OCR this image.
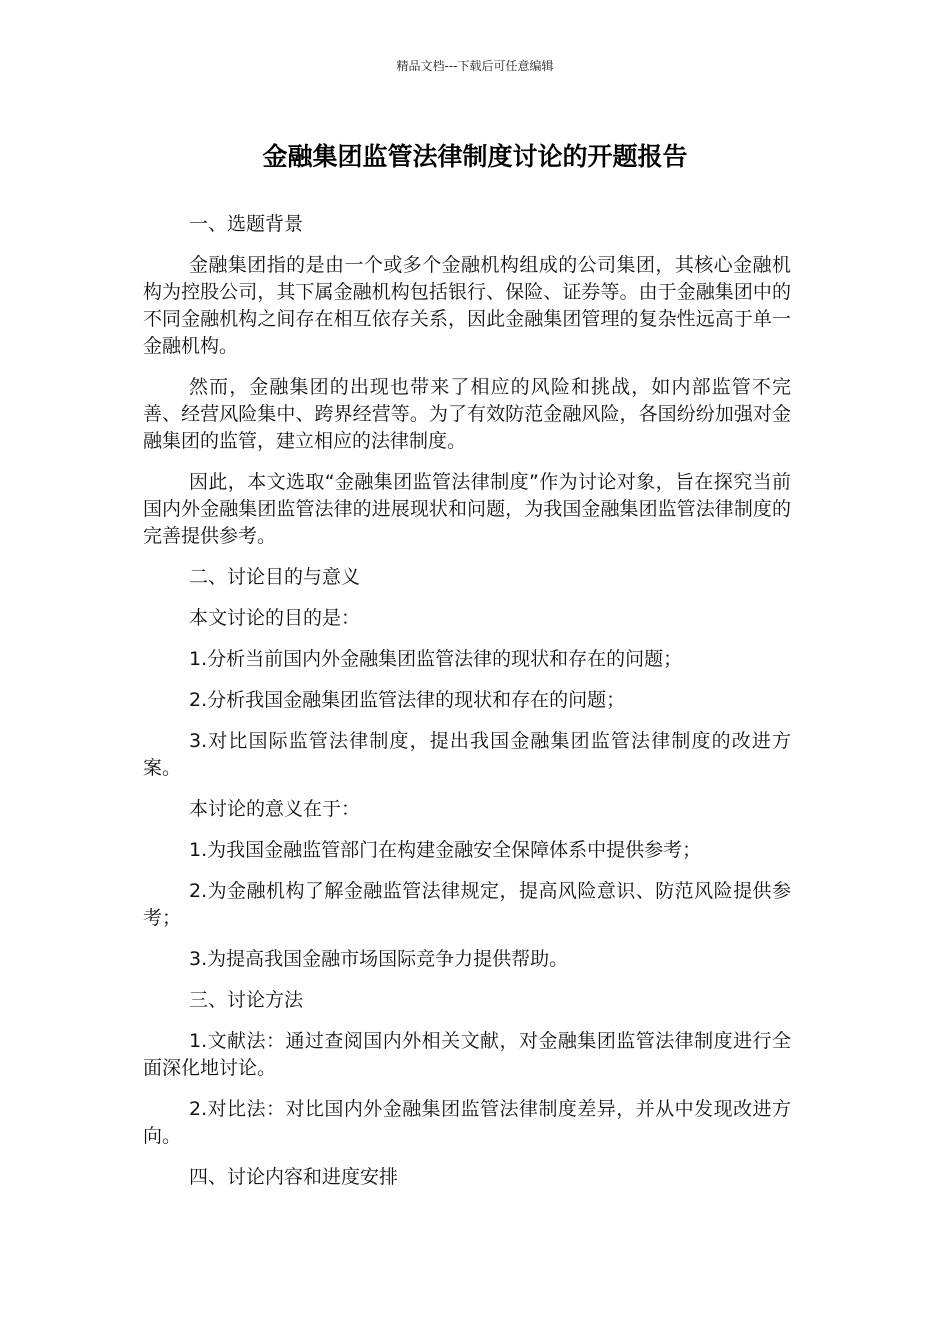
精品文档---下载后可任意编辑
金融集团监管法律制度讨论的开题报告

一、选题背景

金融集团指的是由一个或多个金融机构组成的公司集团，其核心金融机构为控股公司，其下属金融机构包括银行、保险、证券等。由于金融集团中的不同金融机构之间存在相互依存关系，因此金融集团管理的复杂性远高于单一金融机构。

然而，金融集团的出现也带来了相应的风险和挑战，如内部监管不完善、经营风险集中、跨界经营等。为了有效防范金融风险，各国纷纷加强对金融集团的监管，建立相应的法律制度。

因此，本文选取“金融集团监管法律制度”作为讨论对象，旨在探究当前国内外金融集团监管法律的进展现状和问题，为我国金融集团监管法律制度的完善提供参考。

二、讨论目的与意义

本文讨论的目的是：

1.分析当前国内外金融集团监管法律的现状和存在的问题；

2.分析我国金融集团监管法律的现状和存在的问题；

3.对比国际监管法律制度，提出我国金融集团监管法律制度的改进方案。

本讨论的意义在于：

1.为我国金融监管部门在构建金融安全保障体系中提供参考；

2.为金融机构了解金融监管法律规定，提高风险意识、防范风险提供参考；

3.为提高我国金融市场国际竞争力提供帮助。

三、讨论方法

1.文献法：通过查阅国内外相关文献，对金融集团监管法律制度进行全面深化地讨论。

2.对比法：对比国内外金融集团监管法律制度差异，并从中发现改进方向。

四、讨论内容和进度安排
